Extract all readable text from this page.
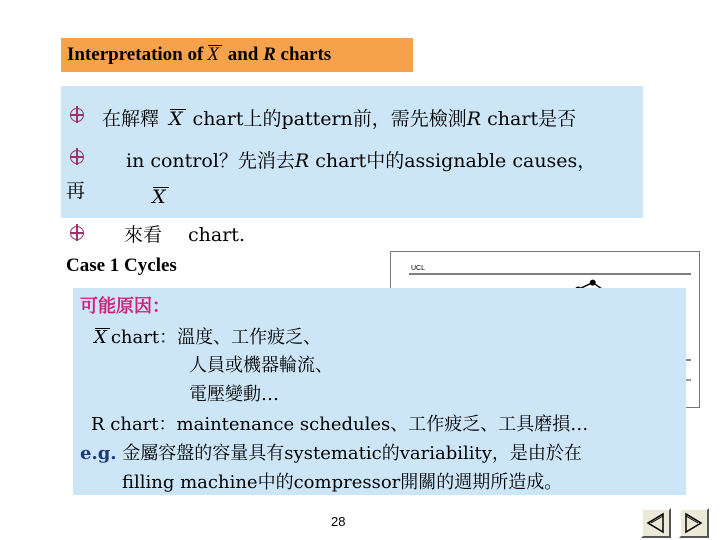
Interpretation of X and R charts
在解釋 X chart上的pattern前，需先檢測R chart是否
in control？先消去R chart中的assignable causes，
再	X
來看 chart.
Case 1 Cycles	UCL
可能原因：
X chart：溫度、工作疲乏、
人員或機器輪流、
電壓變動…
R chart：maintenance schedules、工作疲乏、工具磨損…
e.g. 金屬容盤的容量具有systematic的variability，是由於在
filling machine中的compressor開關的週期所造成。
28
